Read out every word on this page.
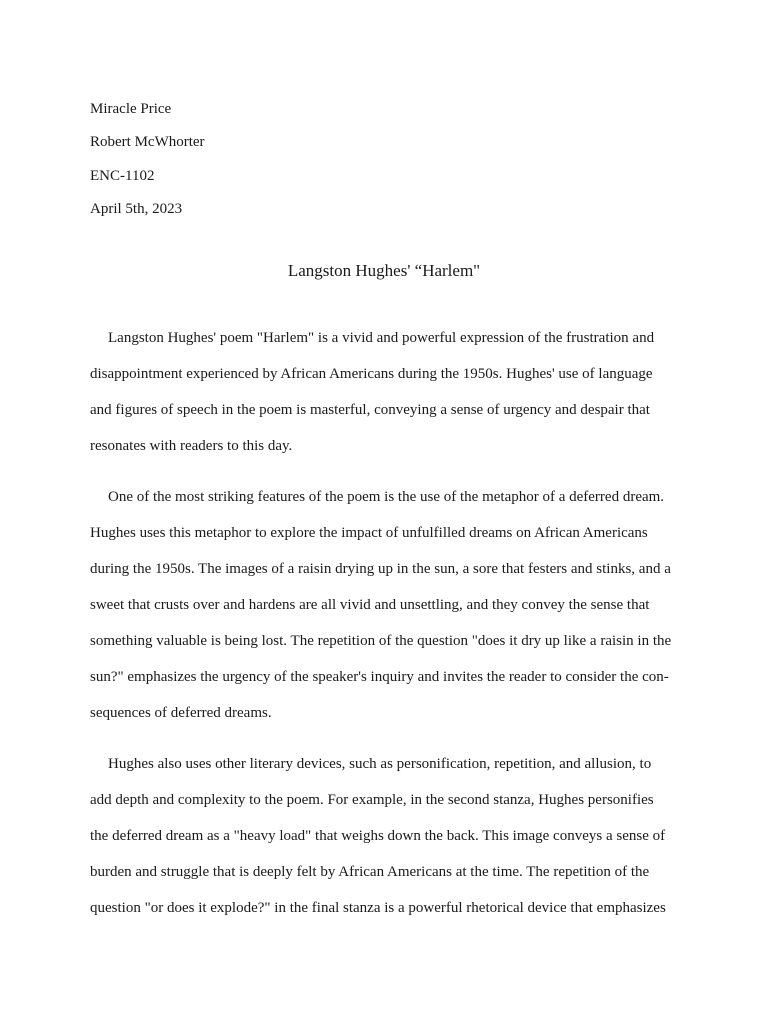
Miracle Price

Robert McWhorter

ENC-1102

April 5th, 2023

Langston Hughes' “Harlem"

Langston Hughes' poem "Harlem" is a vivid and powerful expression of the frustration and
disappointment experienced by African Americans during the 1950s. Hughes' use of language
and figures of speech in the poem is masterful, conveying a sense of urgency and despair that
resonates with readers to this day.

One of the most striking features of the poem is the use of the metaphor of a deferred dream.
Hughes uses this metaphor to explore the impact of unfulfilled dreams on African Americans
during the 1950s. The images of a raisin drying up in the sun, a sore that festers and stinks, and a
sweet that crusts over and hardens are all vivid and unsettling, and they convey the sense that
something valuable is being lost. The repetition of the question "does it dry up like a raisin in the
sun?" emphasizes the urgency of the speaker's inquiry and invites the reader to consider the con-
sequences of deferred dreams.

Hughes also uses other literary devices, such as personification, repetition, and allusion, to
add depth and complexity to the poem. For example, in the second stanza, Hughes personifies
the deferred dream as a "heavy load" that weighs down the back. This image conveys a sense of
burden and struggle that is deeply felt by African Americans at the time. The repetition of the
question "or does it explode?" in the final stanza is a powerful rhetorical device that emphasizes
